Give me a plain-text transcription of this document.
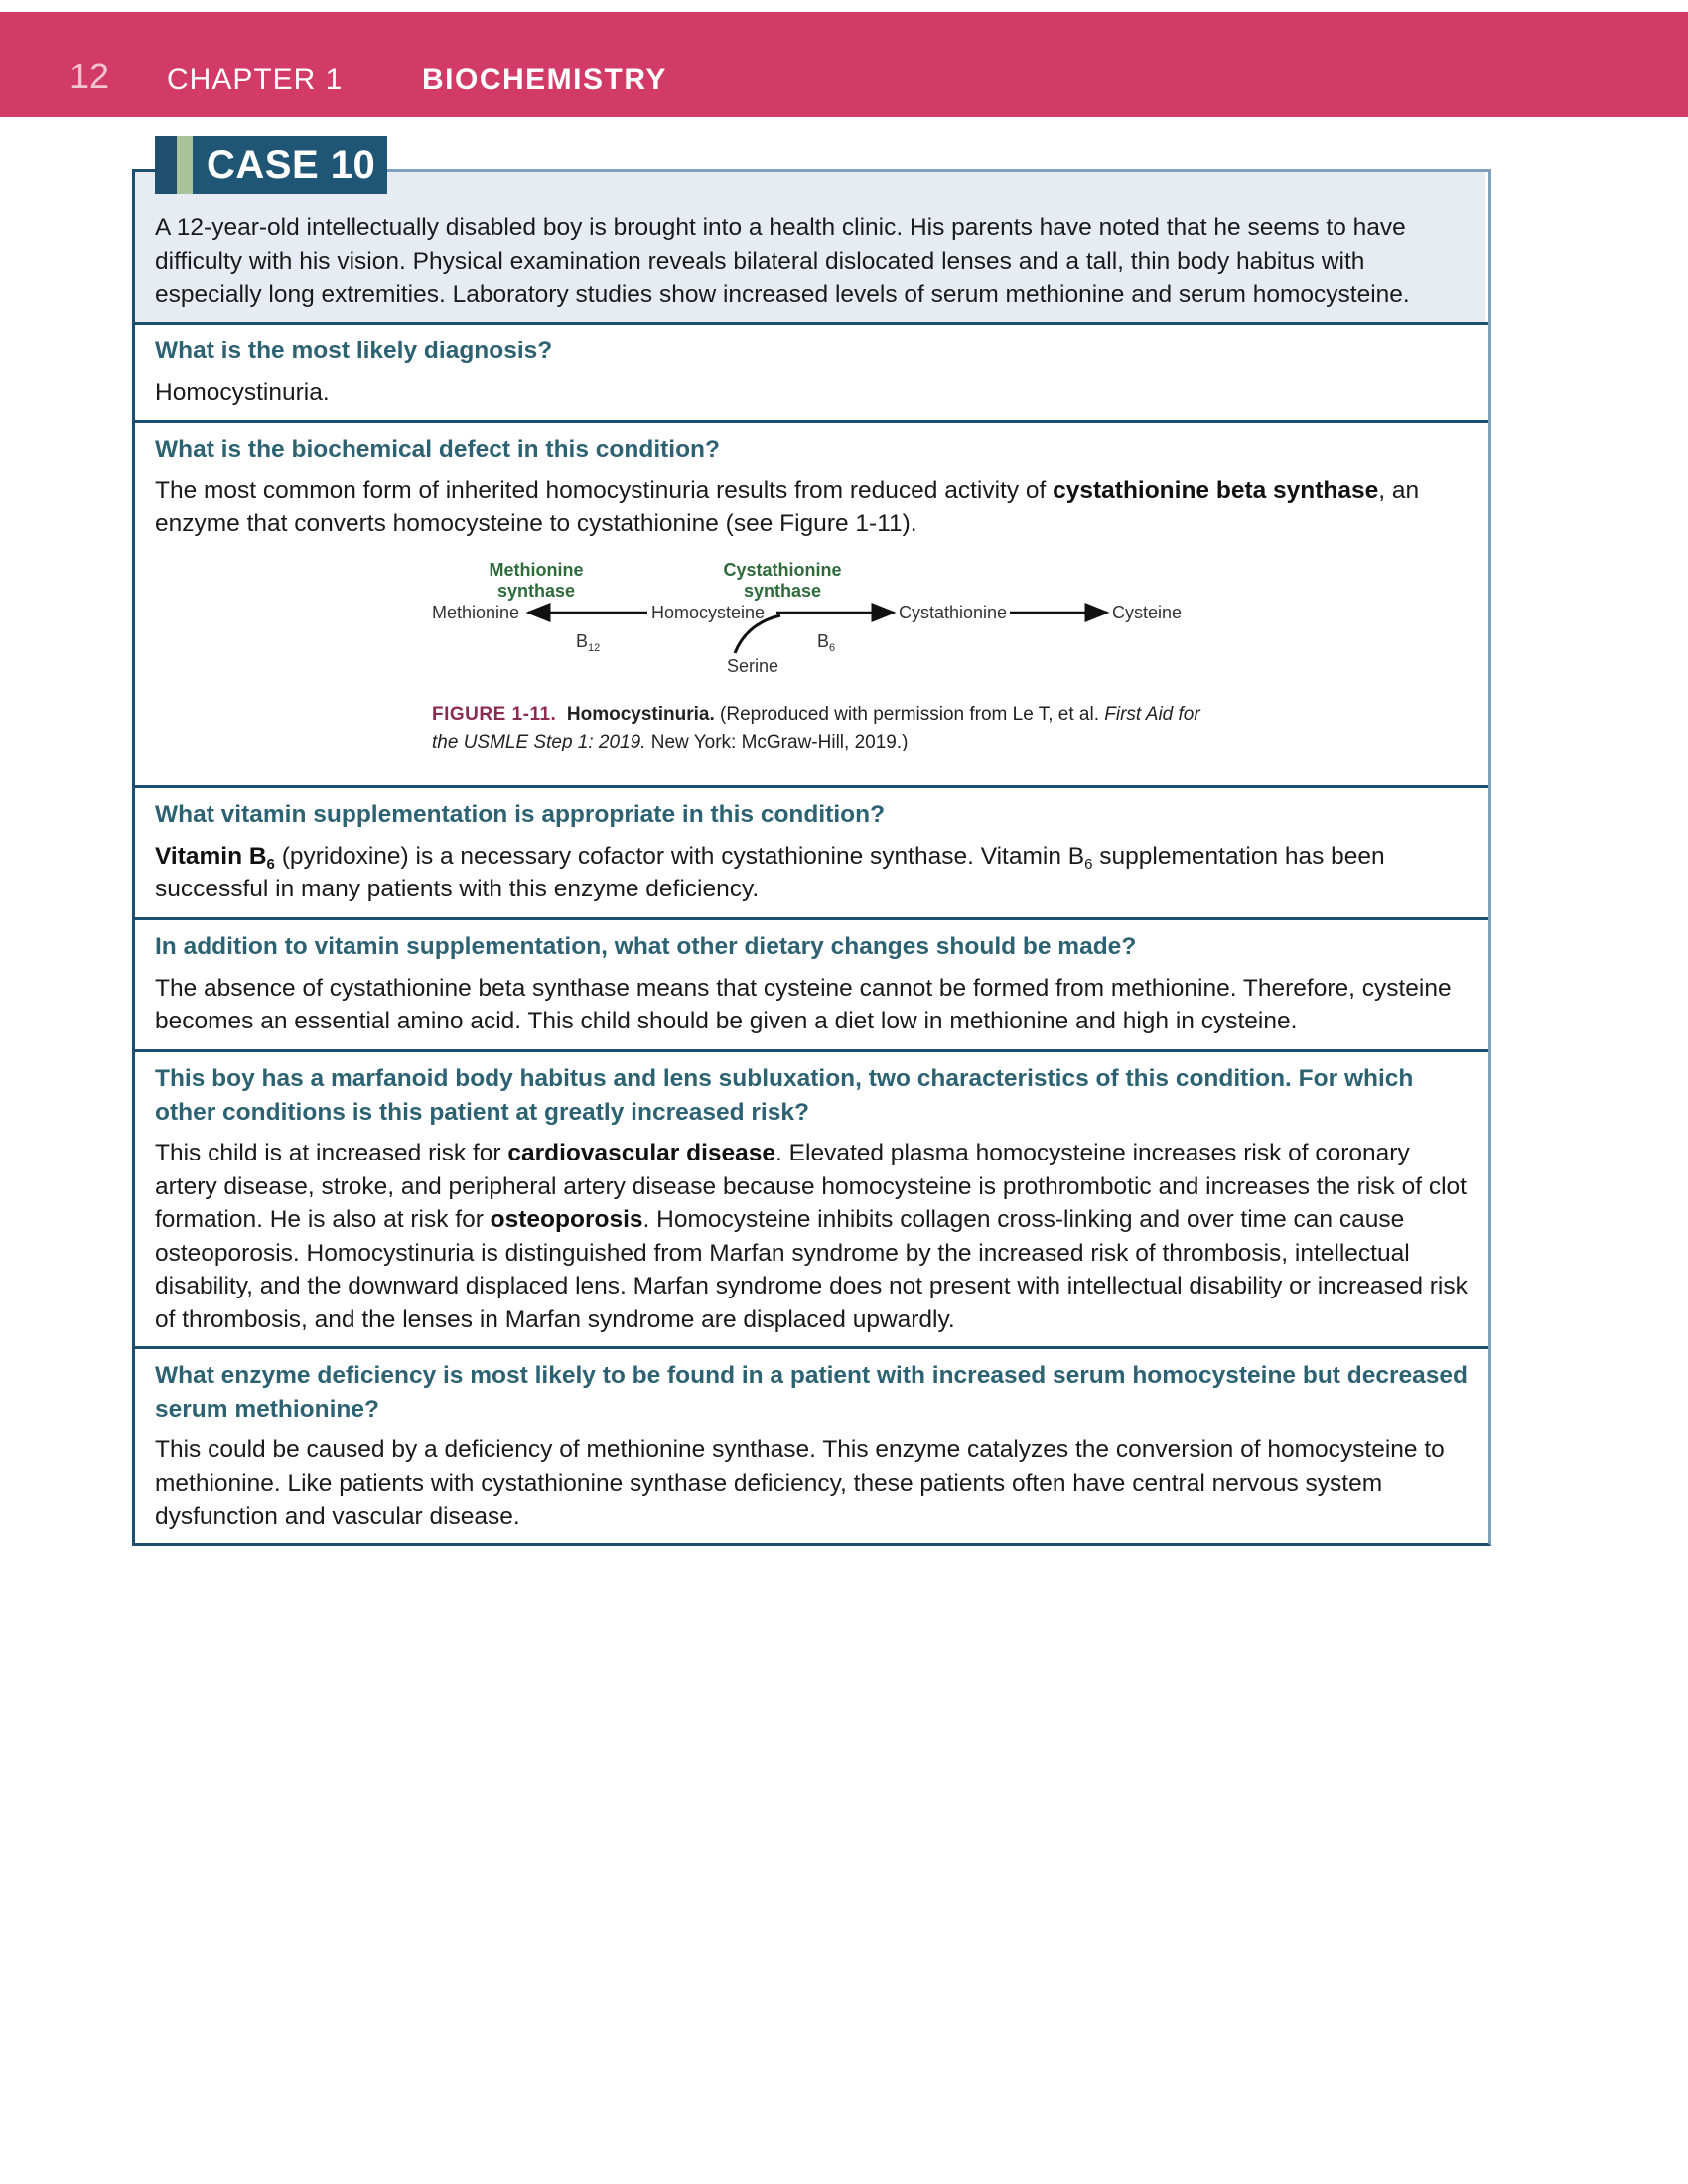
12 CHAPTER 1	BIOCHEMISTRY

A 12-year-old intellectually disabled boy is brought into a health clinic. His parents have noted that he seems to have difficulty with his vision. Physical examination reveals bilateral dislocated lenses and a tall, thin body habitus with especially long extremities. Laboratory studies show increased levels of serum methionine and serum homocysteine.

CASE 10

What is the most likely diagnosis?

Homocystinuria.

What is the biochemical defect in this condition?

The most common form of inherited homocystinuria results from reduced activity of cystathionine beta synthase, an enzyme that converts homocysteine to cystathionine (see Figure 1-11).

Methionine	Homocysteine	Cystathionine	Cysteine
Serine
Methionine
synthase
Cystathionine
synthase
$B_{12}$	$B_6$
FIGURE 1-11. Homocystinuria. (Reproduced with permission from Le T, et al. First Aid for the USMLE Step 1: 2019. New York: McGraw-Hill, 2019.)

What vitamin supplementation is appropriate in this condition?

Vitamin $B_6$ (pyridoxine) is a necessary cofactor with cystathionine synthase. Vitamin $B_6$ supplementation has been successful in many patients with this enzyme deficiency.

In addition to vitamin supplementation, what other dietary changes should be made?

The absence of cystathionine beta synthase means that cysteine cannot be formed from methionine. Therefore, cysteine becomes an essential amino acid. This child should be given a diet low in methionine and high in cysteine.

This boy has a marfanoid body habitus and lens subluxation, two characteristics of this condition. For which other conditions is this patient at greatly increased risk?

This child is at increased risk for cardiovascular disease. Elevated plasma homocysteine increases risk of coronary artery disease, stroke, and peripheral artery disease because homocysteine is prothrombotic and increases the risk of clot formation. He is also at risk for osteoporosis. Homocysteine inhibits collagen cross-linking and over time can cause osteoporosis. Homocystinuria is distinguished from Marfan syndrome by the increased risk of thrombosis, intellectual disability, and the downward displaced lens. Marfan syndrome does not present with intellectual disability or increased risk of thrombosis, and the lenses in Marfan syndrome are displaced upwardly.

What enzyme deficiency is most likely to be found in a patient with increased serum homocysteine but decreased serum methionine?

This could be caused by a deficiency of methionine synthase. This enzyme catalyzes the conversion of homocysteine to methionine. Like patients with cystathionine synthase deficiency, these patients often have central nervous system dysfunction and vascular disease.
